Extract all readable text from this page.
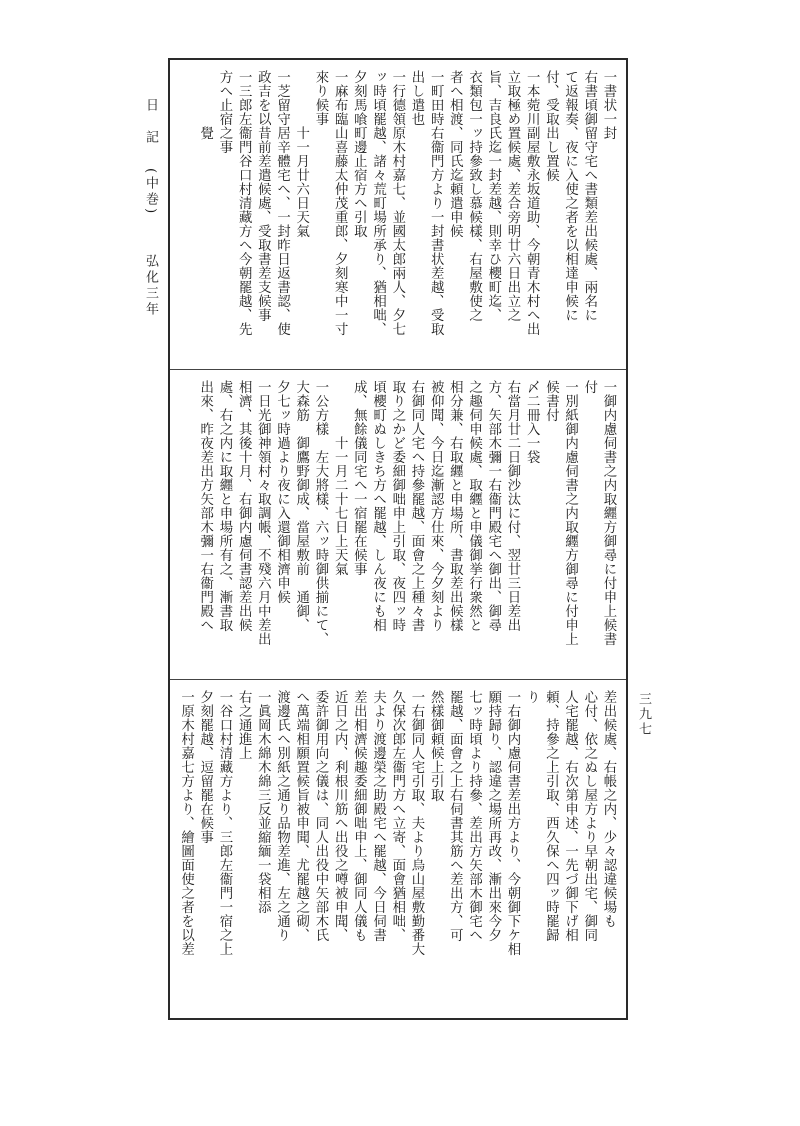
日　記
(中巻)
弘化三年
三九七
一書状一封
右書頃御留守宅へ書類差出候處、兩名に
て返報奏、夜に入使之者を以相達申候に
付、受取出し置候
一本菀川副屋敷永坂道助、今朝青木村へ出
立取極め置候處、差合旁明廿六日出立之
旨、吉良氏迄一封差越、則幸ひ櫻町迄、
衣類包一ッ持參致し慕候樣、右屋敷使之
者へ相渡、同氏迄頼遣申候
一町田時右衞門方より一封書状差越、受取
出し遣也
一行德領原木村嘉七、並國太郎兩人、夕七
ッ時頃罷越、諸々荒町場所承り、猶相咄、
夕刻馬喰町邊止宿方へ引取
一麻布臨山喜藤太仲茂重郎、夕刻寒中一寸
來り候事
十一月廿六日天氣
一芝留守居辛體宅へ、一封昨日返書認、使
政吉を以昔前差遣候處、受取書差支候事
一三郎左衞門谷口村清藏方へ今朝罷越、先
方へ止宿之事
覺
一御内慮伺書之内取纒方御尋に付申上候書
付
一別紙御内慮伺書之内取纒方御尋に付申上
候書付
〆二冊入一袋
右當月廿二日御沙汰に付、翌廿三日差出
方、矢部木彌一右衞門殿宅へ御出、御尋
之趣伺申候處、取纒と申儀御挙行衆然と
相分兼、右取纒と申場所、書取差出候樣
被仰聞、今日迄漸認方仕來、今夕刻より
右御同人宅へ持參罷越、面會之上種々書
取り之かど委細御咄申上引取、夜四ッ時
頃櫻町ぬしきち方へ罷越、しん夜にも相
成、無餘儀同宅へ一宿罷在候事
十一月二十七日上天氣
一公方樣　左大將樣、六ッ時御供揃にて、
大森筋　御鷹野御成、當屋敷前　通御、
夕七ッ時過より夜に入還御相濟申候
一日光御神領村々取調帳、不殘六月中差出
相濟、其後十月、右御内慮伺書認差出候
處、右之内に取纒と申場所有之、漸書取
出來、昨夜差出方矢部木彌一右衞門殿へ
差出候處、右帳之内、少々認違候場も
心付、依之ぬし屋方より早朝出宅、御同
人宅罷越、右次第申述、一先づ御下げ相
頼、持參之上引取、西久保へ四ッ時罷歸
り
一右御内慮伺書差出方より、今朝御下ケ相
願持歸り、認違之場所再改、漸出來今夕
七ッ時頃より持參、差出方矢部木御宅へ
罷越、面會之上右伺書其筋へ差出方、可
然樣御頼候上引取
一右御同人宅引取、夫より烏山屋敷勤番大
久保次郎左衞門方へ立寄、面會猶相咄、
夫より渡邊榮之助殿宅へ罷越、今日伺書
差出相濟候趣委細御咄申上、御同人儀も
近日之内、利根川筋へ出役之噂被申聞、
委許御用向之儀は、同人出役中矢部木氏
へ萬端相願置候旨被申聞、尤罷越之砌、
渡邊氏へ別紙之通り品物差進、左之通り
一眞岡木綿木綿三反並縮緬一袋相添
右之通進上
一谷口村清藏方より、三郎左衞門一宿之上
夕刻罷越、逗留罷在候事
一原木村嘉七方より、繪圖面使之者を以差
